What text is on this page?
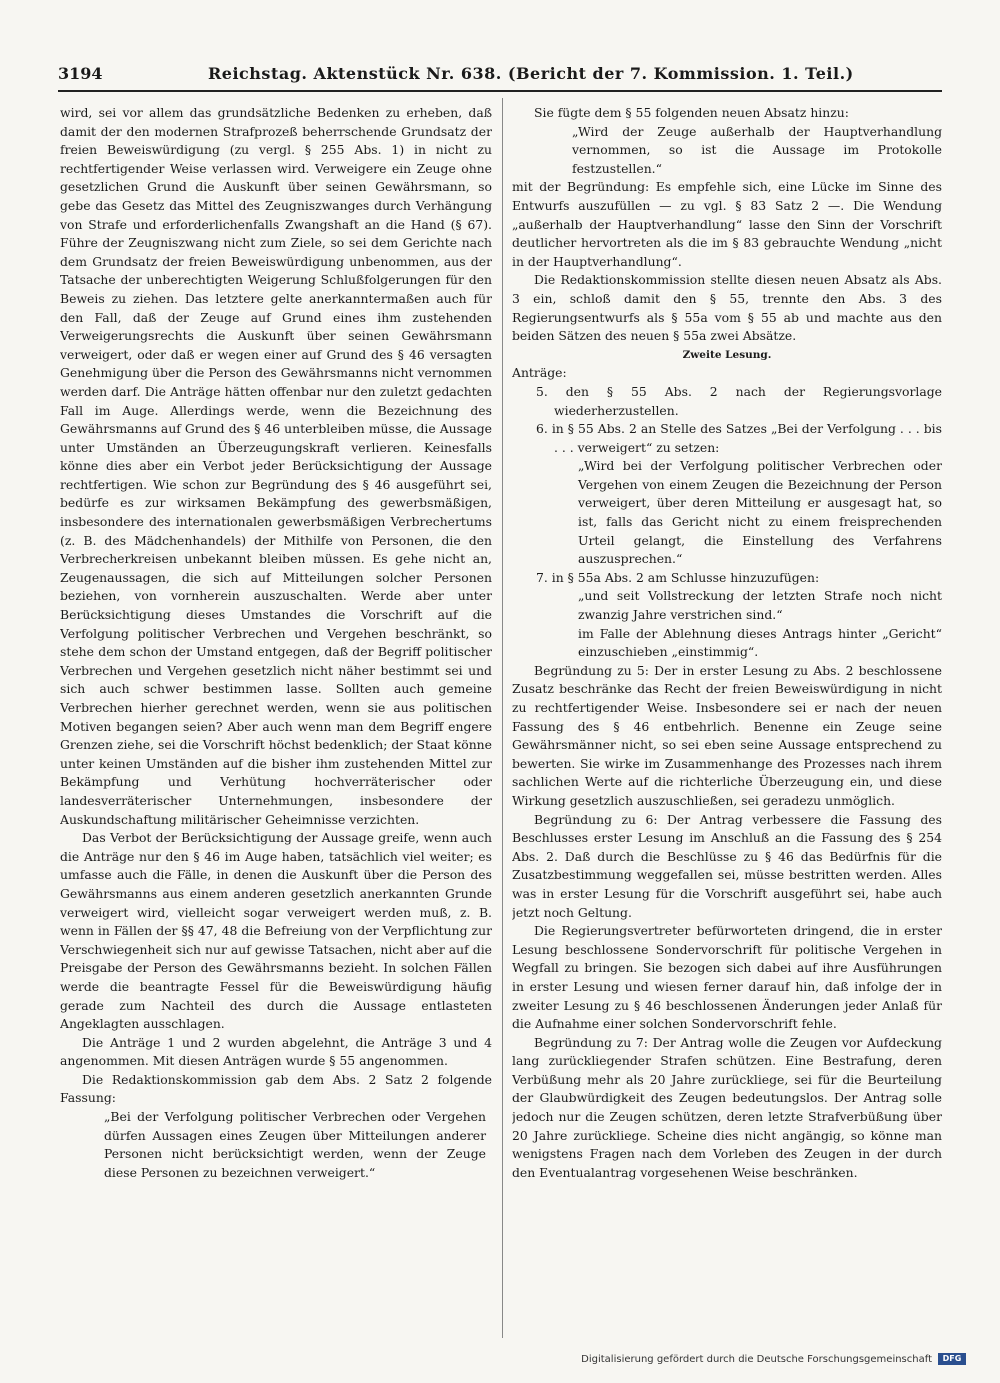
3194	Reichstag. Aktenstück Nr. 638. (Bericht der 7. Kommission. 1. Teil.)

wird, sei vor allem das grundsätzliche Bedenken zu erheben, daß damit der den modernen Strafprozeß beherrschende Grundsatz der freien Beweiswürdigung (zu vergl. § 255 Abs. 1) in nicht zu rechtfertigender Weise verlassen wird. Verweigere ein Zeuge ohne gesetzlichen Grund die Auskunft über seinen Gewährsmann, so gebe das Gesetz das Mittel des Zeugniszwanges durch Verhängung von Strafe und erforderlichenfalls Zwangshaft an die Hand (§ 67). Führe der Zeugniszwang nicht zum Ziele, so sei dem Gerichte nach dem Grundsatz der freien Beweiswürdigung unbenommen, aus der Tatsache der unberechtigten Weigerung Schlußfolgerungen für den Beweis zu ziehen. Das letztere gelte anerkanntermaßen auch für den Fall, daß der Zeuge auf Grund eines ihm zustehenden Verweigerungsrechts die Auskunft über seinen Gewährsmann verweigert, oder daß er wegen einer auf Grund des § 46 versagten Genehmigung über die Person des Gewährsmanns nicht vernommen werden darf. Die Anträge hätten offenbar nur den zuletzt gedachten Fall im Auge. Allerdings werde, wenn die Bezeichnung des Gewährsmanns auf Grund des § 46 unterbleiben müsse, die Aussage unter Umständen an Überzeugungskraft verlieren. Keinesfalls könne dies aber ein Verbot jeder Berücksichtigung der Aussage rechtfertigen. Wie schon zur Begründung des § 46 ausgeführt sei, bedürfe es zur wirksamen Bekämpfung des gewerbsmäßigen, insbesondere des internationalen gewerbsmäßigen Verbrechertums (z. B. des Mädchenhandels) der Mithilfe von Personen, die den Verbrecherkreisen unbekannt bleiben müssen. Es gehe nicht an, Zeugenaussagen, die sich auf Mitteilungen solcher Personen beziehen, von vornherein auszuschalten. Werde aber unter Berücksichtigung dieses Umstandes die Vorschrift auf die Verfolgung politischer Verbrechen und Vergehen beschränkt, so stehe dem schon der Umstand entgegen, daß der Begriff politischer Verbrechen und Vergehen gesetzlich nicht näher bestimmt sei und sich auch schwer bestimmen lasse. Sollten auch gemeine Verbrechen hierher gerechnet werden, wenn sie aus politischen Motiven begangen seien? Aber auch wenn man dem Begriff engere Grenzen ziehe, sei die Vorschrift höchst bedenklich; der Staat könne unter keinen Umständen auf die bisher ihm zustehenden Mittel zur Bekämpfung und Verhütung hochverräterischer oder landesverräterischer Unternehmungen, insbesondere der Auskundschaftung militärischer Geheimnisse verzichten.

Das Verbot der Berücksichtigung der Aussage greife, wenn auch die Anträge nur den § 46 im Auge haben, tatsächlich viel weiter; es umfasse auch die Fälle, in denen die Auskunft über die Person des Gewährsmanns aus einem anderen gesetzlich anerkannten Grunde verweigert wird, vielleicht sogar verweigert werden muß, z. B. wenn in Fällen der §§ 47, 48 die Befreiung von der Verpflichtung zur Verschwiegenheit sich nur auf gewisse Tatsachen, nicht aber auf die Preisgabe der Person des Gewährsmanns bezieht. In solchen Fällen werde die beantragte Fessel für die Beweiswürdigung häufig gerade zum Nachteil des durch die Aussage entlasteten Angeklagten ausschlagen.

Die Anträge 1 und 2 wurden abgelehnt, die Anträge 3 und 4 angenommen. Mit diesen Anträgen wurde § 55 angenommen.

Die Redaktionskommission gab dem Abs. 2 Satz 2 folgende Fassung:

„Bei der Verfolgung politischer Verbrechen oder Vergehen dürfen Aussagen eines Zeugen über Mitteilungen anderer Personen nicht berücksichtigt werden, wenn der Zeuge diese Personen zu bezeichnen verweigert.“

Sie fügte dem § 55 folgenden neuen Absatz hinzu:

„Wird der Zeuge außerhalb der Hauptverhandlung vernommen, so ist die Aussage im Protokolle festzustellen.“

mit der Begründung: Es empfehle sich, eine Lücke im Sinne des Entwurfs auszufüllen — zu vgl. § 83 Satz 2 —. Die Wendung „außerhalb der Hauptverhandlung“ lasse den Sinn der Vorschrift deutlicher hervortreten als die im § 83 gebrauchte Wendung „nicht in der Hauptverhandlung“.

Die Redaktionskommission stellte diesen neuen Absatz als Abs. 3 ein, schloß damit den § 55, trennte den Abs. 3 des Regierungsentwurfs als § 55a vom § 55 ab und machte aus den beiden Sätzen des neuen § 55a zwei Absätze.

Zweite Lesung.

Anträge:

5. den § 55 Abs. 2 nach der Regierungsvorlage wiederherzustellen.

6. in § 55 Abs. 2 an Stelle des Satzes „Bei der Verfolgung . . . bis . . . verweigert“ zu setzen:

„Wird bei der Verfolgung politischer Verbrechen oder Vergehen von einem Zeugen die Bezeichnung der Person verweigert, über deren Mitteilung er ausgesagt hat, so ist, falls das Gericht nicht zu einem freisprechenden Urteil gelangt, die Einstellung des Verfahrens auszusprechen.“

7. in § 55a Abs. 2 am Schlusse hinzuzufügen:

„und seit Vollstreckung der letzten Strafe noch nicht zwanzig Jahre verstrichen sind.“

im Falle der Ablehnung dieses Antrags hinter „Gericht“ einzuschieben „einstimmig“.

Begründung zu 5: Der in erster Lesung zu Abs. 2 beschlossene Zusatz beschränke das Recht der freien Beweiswürdigung in nicht zu rechtfertigender Weise. Insbesondere sei er nach der neuen Fassung des § 46 entbehrlich. Benenne ein Zeuge seine Gewährsmänner nicht, so sei eben seine Aussage entsprechend zu bewerten. Sie wirke im Zusammenhange des Prozesses nach ihrem sachlichen Werte auf die richterliche Überzeugung ein, und diese Wirkung gesetzlich auszuschließen, sei geradezu unmöglich.

Begründung zu 6: Der Antrag verbessere die Fassung des Beschlusses erster Lesung im Anschluß an die Fassung des § 254 Abs. 2. Daß durch die Beschlüsse zu § 46 das Bedürfnis für die Zusatzbestimmung weggefallen sei, müsse bestritten werden. Alles was in erster Lesung für die Vorschrift ausgeführt sei, habe auch jetzt noch Geltung.

Die Regierungsvertreter befürworteten dringend, die in erster Lesung beschlossene Sondervorschrift für politische Vergehen in Wegfall zu bringen. Sie bezogen sich dabei auf ihre Ausführungen in erster Lesung und wiesen ferner darauf hin, daß infolge der in zweiter Lesung zu § 46 beschlossenen Änderungen jeder Anlaß für die Aufnahme einer solchen Sondervorschrift fehle.

Begründung zu 7: Der Antrag wolle die Zeugen vor Aufdeckung lang zurückliegender Strafen schützen. Eine Bestrafung, deren Verbüßung mehr als 20 Jahre zurückliege, sei für die Beurteilung der Glaubwürdigkeit des Zeugen bedeutungslos. Der Antrag solle jedoch nur die Zeugen schützen, deren letzte Strafverbüßung über 20 Jahre zurückliege. Scheine dies nicht angängig, so könne man wenigstens Fragen nach dem Vorleben des Zeugen in der durch den Eventualantrag vorgesehenen Weise beschränken.

Digitalisierung gefördert durch die Deutsche Forschungsgemeinschaft	DFG
